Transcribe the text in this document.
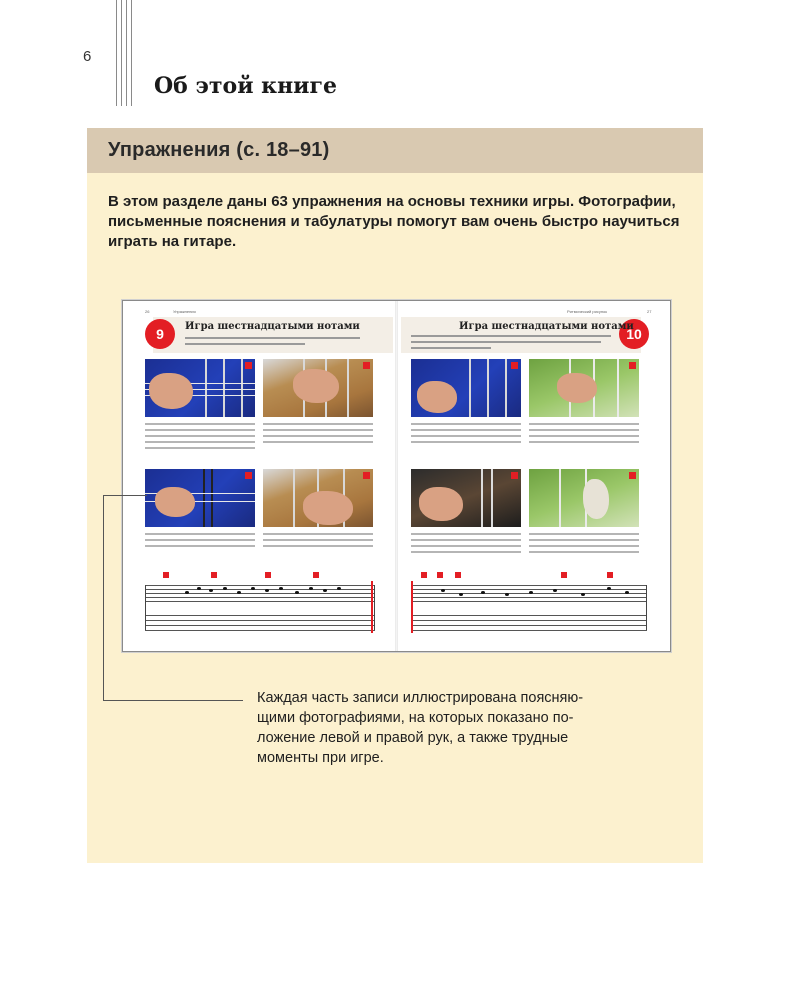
6
Об этой книге
Упражнения (с. 18–91)

В этом разделе даны 63 упражнения на основы техники игры. Фотографии, письменные пояснения и табулатуры помогут вам очень быстро научиться играть на гитаре.

26	Упражнения
9	Игра шестнадцатыми нотами
Ритмический рисунок	27
10
Игра шестнадцатыми нотами

Каждая часть записи иллюстрирована поясняю-
щими фотографиями, на которых показано по-
ложение левой и правой рук, а также трудные
моменты при игре.
